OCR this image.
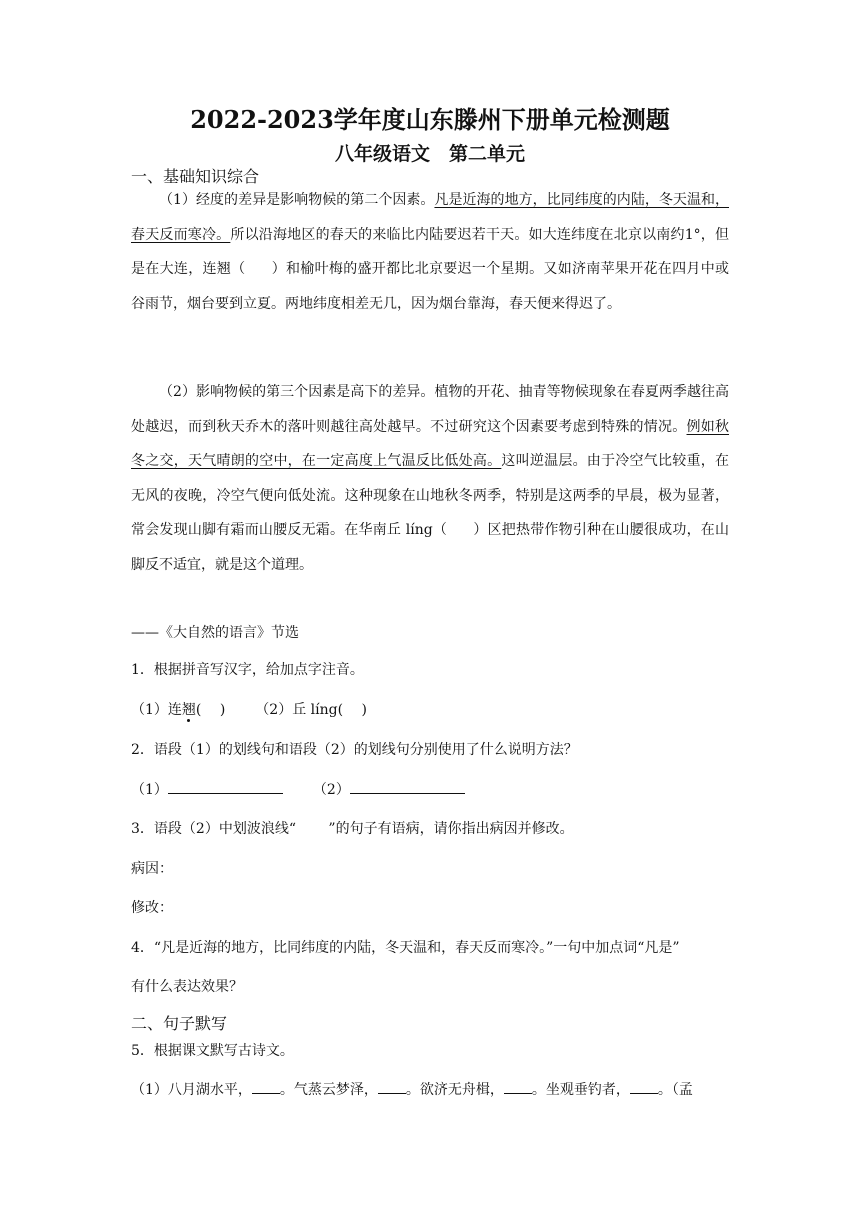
2022-2023学年度山东滕州下册单元检测题
八年级语文　第二单元
一、基础知识综合

（1）经度的差异是影响物候的第二个因素。凡是近海的地方，比同纬度的内陆，冬天温和，春天反而寒冷。所以沿海地区的春天的来临比内陆要迟若干天。如大连纬度在北京以南约1°，但是在大连，连翘（ ）和榆叶梅的盛开都比北京要迟一个星期。又如济南苹果开花在四月中或谷雨节，烟台要到立夏。两地纬度相差无几，因为烟台靠海，春天便来得迟了。

（2）影响物候的第三个因素是高下的差异。植物的开花、抽青等物候现象在春夏两季越往高处越迟，而到秋天乔木的落叶则越往高处越早。不过研究这个因素要考虑到特殊的情况。例如秋冬之交，天气晴朗的空中，在一定高度上气温反比低处高。这叫逆温层。由于冷空气比较重，在无风的夜晚，冷空气便向低处流。这种现象在山地秋冬两季，特别是这两季的早晨，极为显著，常会发现山脚有霜而山腰反无霜。在华南丘 líng（ ）区把热带作物引种在山腰很成功，在山脚反不适宜，就是这个道理。

——《大自然的语言》节选
1．根据拼音写汉字，给加点字注音。
（1）连翘(　 ) （2）丘 líng(　 )
2．语段（1）的划线句和语段（2）的划线句分别使用了什么说明方法？
（1）	（2）
3．语段（2）中划波浪线“　　 ”的句子有语病，请你指出病因并修改。
病因：
修改：
4．“凡是近海的地方，比同纬度的内陆，冬天温和，春天反而寒冷。”一句中加点词“凡是”
有什么表达效果？
二、句子默写
5．根据课文默写古诗文。
（1）八月湖水平， 。气蒸云梦泽， 。欲济无舟楫， 。坐观垂钓者， 。（孟
